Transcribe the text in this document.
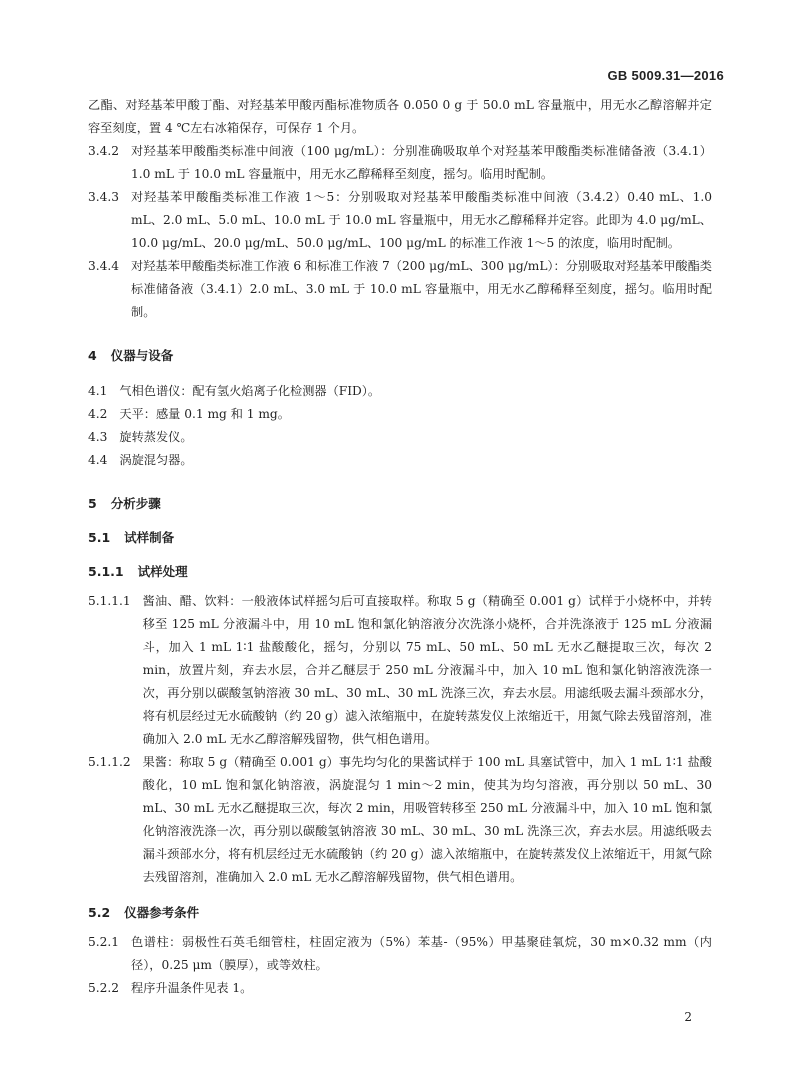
GB 5009.31—2016

乙酯、对羟基苯甲酸丁酯、对羟基苯甲酸丙酯标准物质各 0.050 0 g 于 50.0 mL 容量瓶中，用无水乙醇溶解并定容至刻度，置 4 ℃左右冰箱保存，可保存 1 个月。

3.4.2 对羟基苯甲酸酯类标准中间液（100 μg/mL）：分别准确吸取单个对羟基苯甲酸酯类标准储备液（3.4.1）1.0 mL 于 10.0 mL 容量瓶中，用无水乙醇稀释至刻度，摇匀。临用时配制。
3.4.3 对羟基苯甲酸酯类标准工作液 1～5：分别吸取对羟基苯甲酸酯类标准中间液（3.4.2）0.40 mL、1.0 mL、2.0 mL、5.0 mL、10.0 mL 于 10.0 mL 容量瓶中，用无水乙醇稀释并定容。此即为 4.0 μg/mL、10.0 μg/mL、20.0 μg/mL、50.0 μg/mL、100 μg/mL 的标准工作液 1～5 的浓度，临用时配制。
3.4.4 对羟基苯甲酸酯类标准工作液 6 和标准工作液 7（200 μg/mL、300 μg/mL）：分别吸取对羟基苯甲酸酯类标准储备液（3.4.1）2.0 mL、3.0 mL 于 10.0 mL 容量瓶中，用无水乙醇稀释至刻度，摇匀。临用时配制。
4 仪器与设备
4.1 气相色谱仪：配有氢火焰离子化检测器（FID）。
4.2 天平：感量 0.1 mg 和 1 mg。
4.3 旋转蒸发仪。
4.4 涡旋混匀器。
5 分析步骤
5.1 试样制备
5.1.1 试样处理
5.1.1.1 酱油、醋、饮料：一般液体试样摇匀后可直接取样。称取 5 g（精确至 0.001 g）试样于小烧杯中，并转移至 125 mL 分液漏斗中，用 10 mL 饱和氯化钠溶液分次洗涤小烧杯，合并洗涤液于 125 mL 分液漏斗，加入 1 mL 1∶1 盐酸酸化，摇匀，分别以 75 mL、50 mL、50 mL 无水乙醚提取三次，每次 2 min，放置片刻，弃去水层，合并乙醚层于 250 mL 分液漏斗中，加入 10 mL 饱和氯化钠溶液洗涤一次，再分别以碳酸氢钠溶液 30 mL、30 mL、30 mL 洗涤三次，弃去水层。用滤纸吸去漏斗颈部水分，将有机层经过无水硫酸钠（约 20 g）滤入浓缩瓶中，在旋转蒸发仪上浓缩近干，用氮气除去残留溶剂，准确加入 2.0 mL 无水乙醇溶解残留物，供气相色谱用。
5.1.1.2 果酱：称取 5 g（精确至 0.001 g）事先均匀化的果酱试样于 100 mL 具塞试管中，加入 1 mL 1∶1 盐酸酸化，10 mL 饱和氯化钠溶液，涡旋混匀 1 min～2 min，使其为均匀溶液，再分别以 50 mL、30 mL、30 mL 无水乙醚提取三次，每次 2 min，用吸管转移至 250 mL 分液漏斗中，加入 10 mL 饱和氯化钠溶液洗涤一次，再分别以碳酸氢钠溶液 30 mL、30 mL、30 mL 洗涤三次，弃去水层。用滤纸吸去漏斗颈部水分，将有机层经过无水硫酸钠（约 20 g）滤入浓缩瓶中，在旋转蒸发仪上浓缩近干，用氮气除去残留溶剂，准确加入 2.0 mL 无水乙醇溶解残留物，供气相色谱用。
5.2 仪器参考条件
5.2.1 色谱柱：弱极性石英毛细管柱，柱固定液为（5%）苯基-（95%）甲基聚硅氧烷，30 m×0.32 mm（内径），0.25 μm（膜厚），或等效柱。
5.2.2 程序升温条件见表 1。
2
